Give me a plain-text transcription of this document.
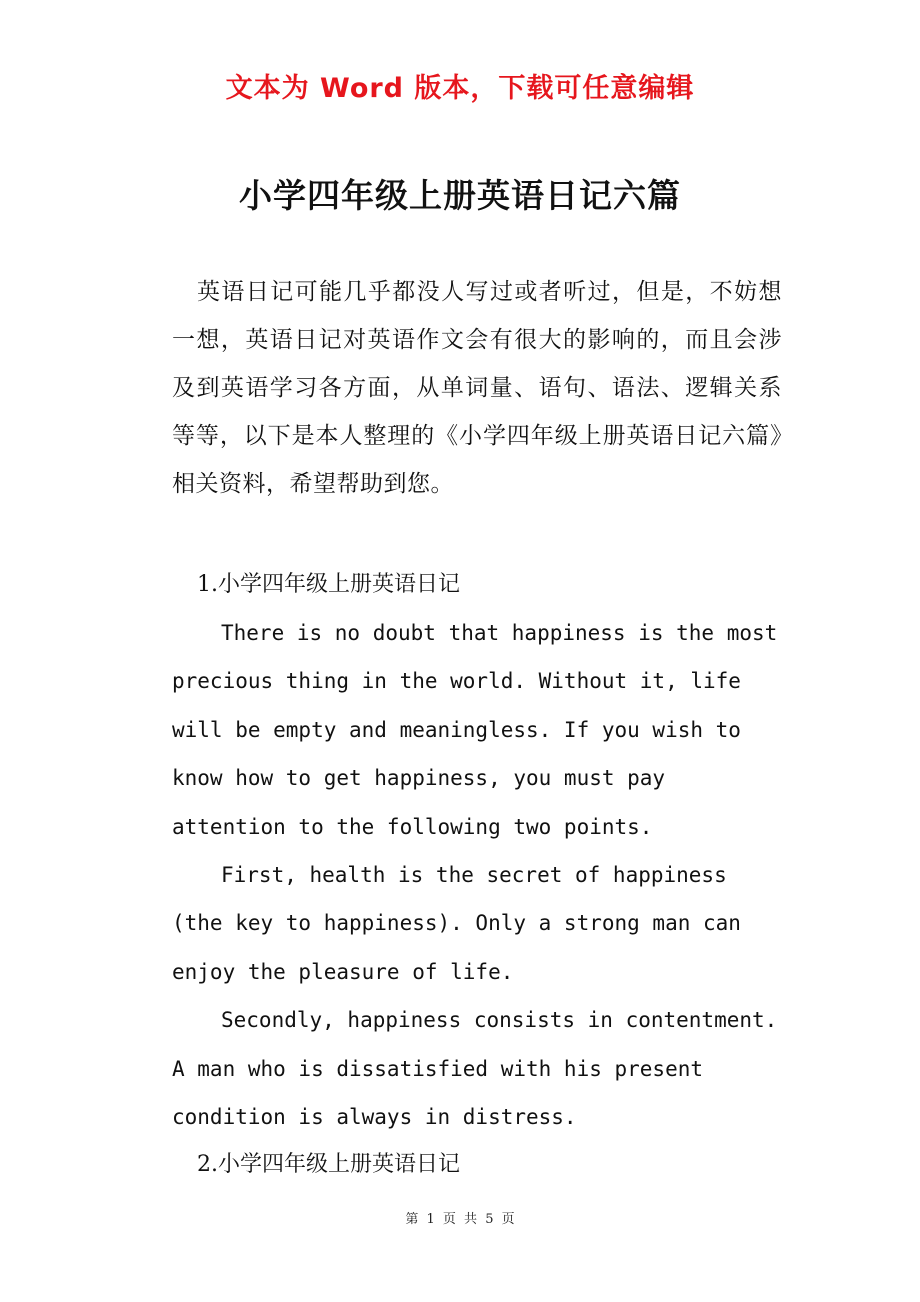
文本为 Word 版本，下载可任意编辑
小学四年级上册英语日记六篇

英语日记可能几乎都没人写过或者听过，但是，不妨想一想，英语日记对英语作文会有很大的影响的，而且会涉及到英语学习各方面，从单词量、语句、语法、逻辑关系等等，以下是本人整理的《小学四年级上册英语日记六篇》相关资料，希望帮助到您。

1.小学四年级上册英语日记

There is no doubt that happiness is the most precious thing in the world. Without it, life will be empty and meaningless. If you wish to know how to get happiness, you must pay attention to the following two points.

First, health is the secret of happiness (the key to happiness). Only a strong man can enjoy the pleasure of life.

Secondly, happiness consists in contentment. A man who is dissatisfied with his present condition is always in distress.

2.小学四年级上册英语日记

第 1 页 共 5 页
